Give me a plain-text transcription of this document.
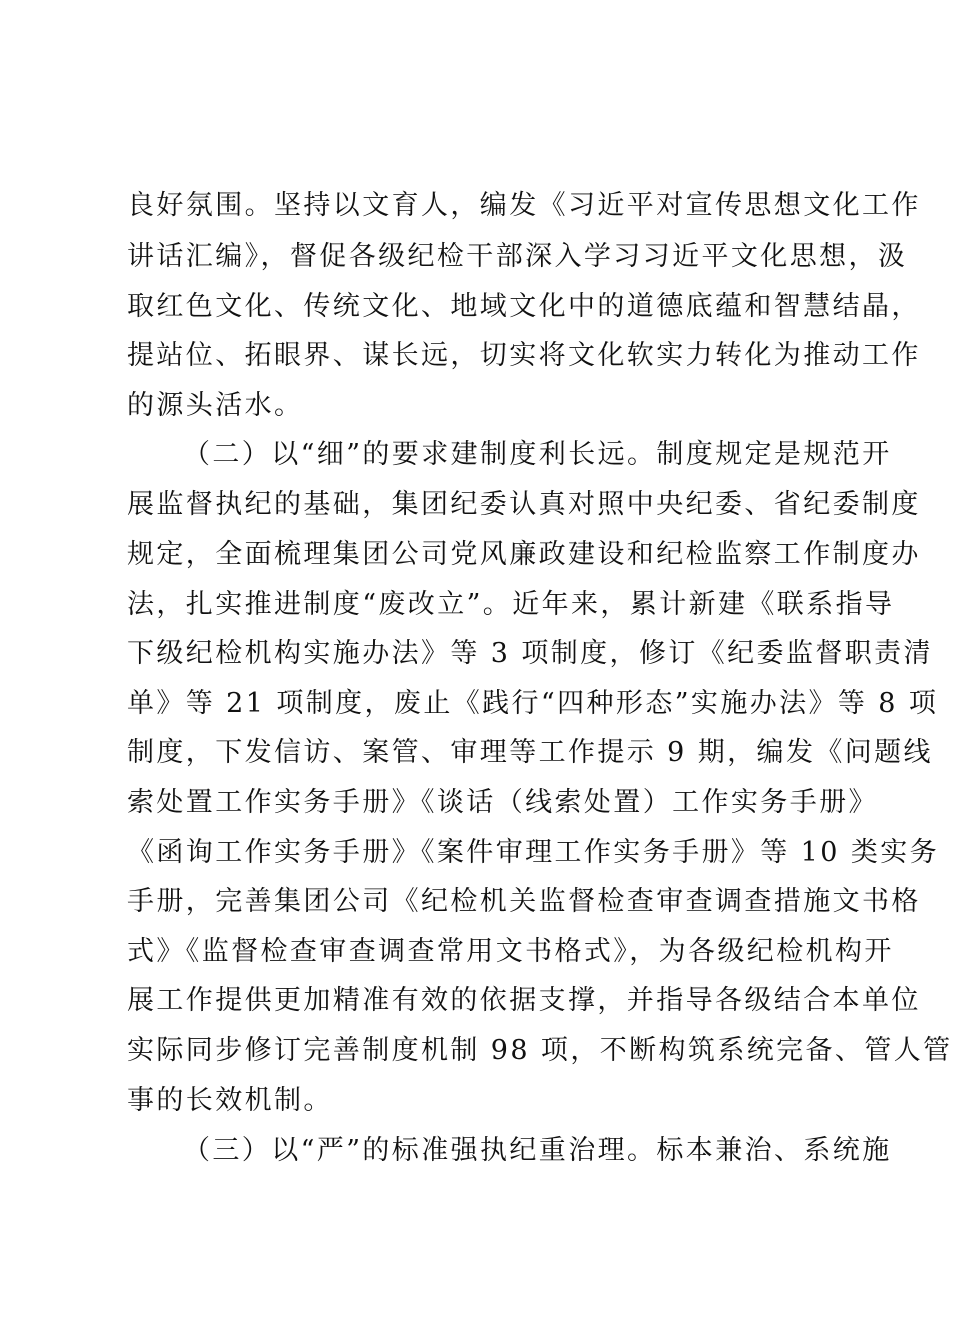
良好氛围。坚持以文育人，编发《习近平对宣传思想文化工作
讲话汇编》，督促各级纪检干部深入学习习近平文化思想，汲
取红色文化、传统文化、地域文化中的道德底蕴和智慧结晶，
提站位、拓眼界、谋长远，切实将文化软实力转化为推动工作
的源头活水。
（二）以“细”的要求建制度利长远。制度规定是规范开
展监督执纪的基础，集团纪委认真对照中央纪委、省纪委制度
规定，全面梳理集团公司党风廉政建设和纪检监察工作制度办
法，扎实推进制度“废改立”。近年来，累计新建《联系指导
下级纪检机构实施办法》等 3 项制度，修订《纪委监督职责清
单》等 21 项制度，废止《践行“四种形态”实施办法》等 8 项
制度，下发信访、案管、审理等工作提示 9 期，编发《问题线
索处置工作实务手册》《谈话（线索处置）工作实务手册》
《函询工作实务手册》《案件审理工作实务手册》等 10 类实务
手册，完善集团公司《纪检机关监督检查审查调查措施文书格
式》《监督检查审查调查常用文书格式》，为各级纪检机构开
展工作提供更加精准有效的依据支撑，并指导各级结合本单位
实际同步修订完善制度机制 98 项，不断构筑系统完备、管人管
事的长效机制。
（三）以“严”的标准强执纪重治理。标本兼治、系统施
